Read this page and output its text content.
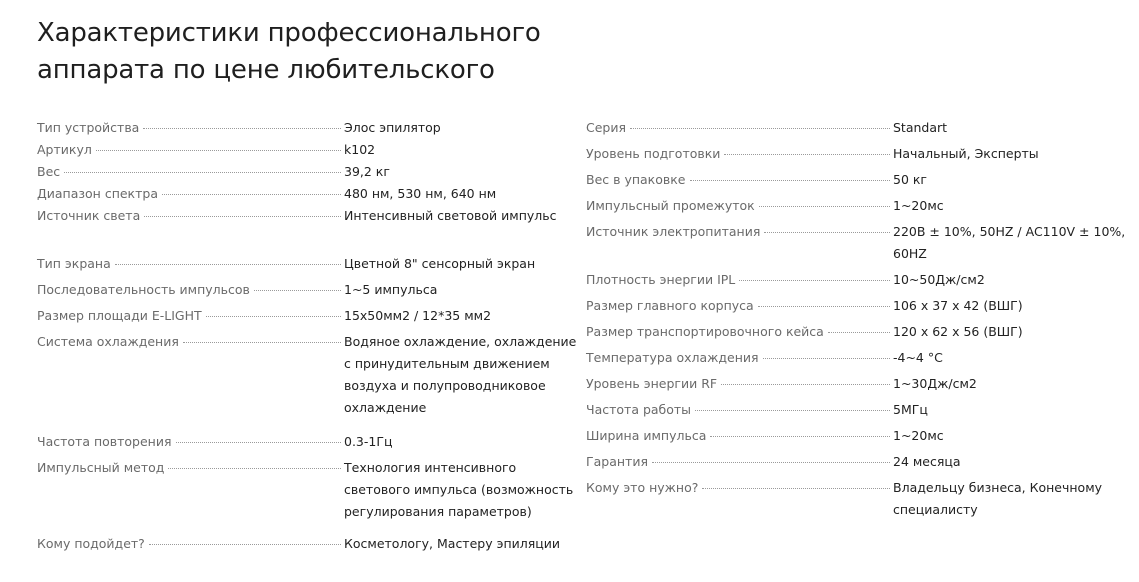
Характеристики профессионального
аппарата по цене любительского
Тип устройства	Элос эпилятор
Артикул	k102
Вес	39,2 кг
Диапазон спектра	480 нм, 530 нм, 640 нм
Источник света	Интенсивный световой импульс
Тип экрана	Цветной 8" сенсорный экран
Последовательность импульсов	1~5 импульса
Размер площади E-LIGHT	15x50мм2 / 12*35 мм2
Система охлаждения	Водяное охлаждение, охлаждение с принудительным движением воздуха и полупроводниковое охлаждение
Частота повторения	0.3-1Гц
Импульсный метод	Технология интенсивного светового импульса (возможность регулирования параметров)
Кому подойдет?	Косметологу, Мастеру эпиляции
Серия	Standart
Уровень подготовки	Начальный, Эксперты
Вес в упаковке	50 кг
Импульсный промежуток	1~20мс
Источник электропитания	220В ± 10%, 50HZ / AC110V ± 10%, 60HZ
Плотность энергии IPL	10~50Дж/см2
Размер главного корпуса	106 x 37 x 42 (ВШГ)
Размер транспортировочного кейса	120 x 62 x 56 (ВШГ)
Температура охлаждения	-4~4 °C
Уровень энергии RF	1~30Дж/см2
Частота работы	5МГц
Ширина импульса	1~20мс
Гарантия	24 месяца
Кому это нужно?	Владельцу бизнеса, Конечному специалисту
